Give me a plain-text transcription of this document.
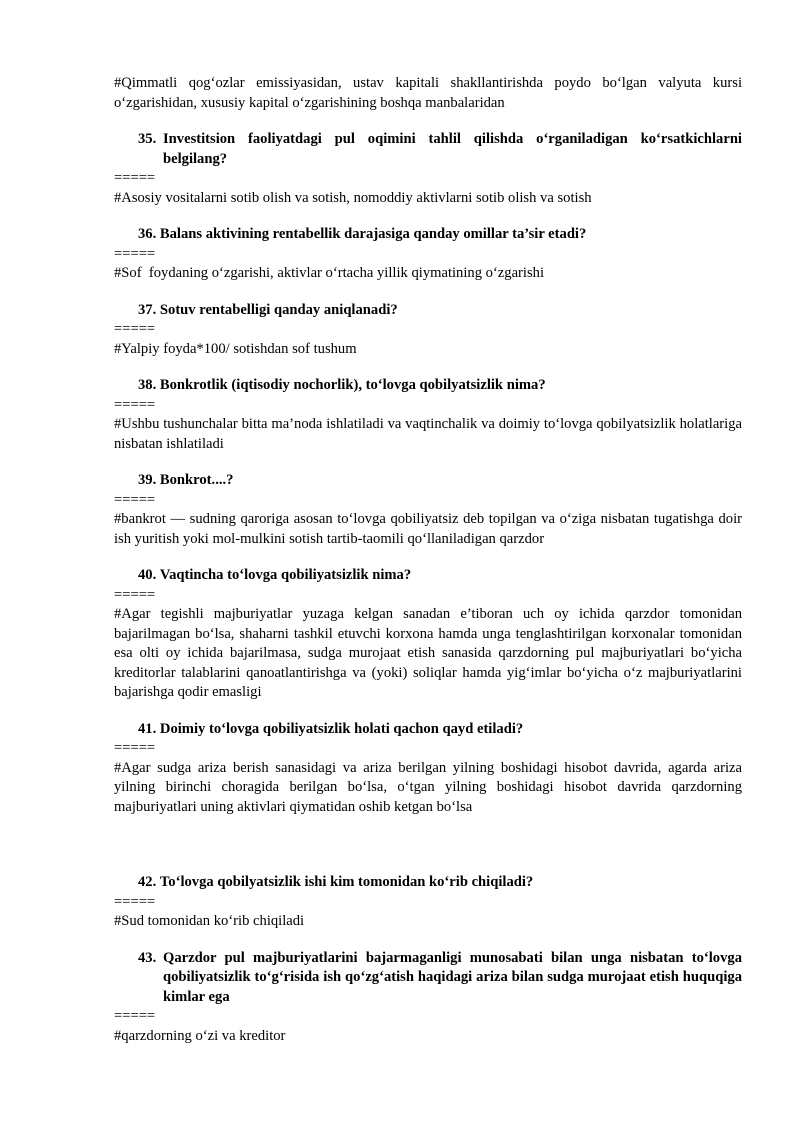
#Qimmatli qog‘ozlar emissiyasidan, ustav kapitali shakllantirishda poydo bo‘lgan valyuta kursi o‘zgarishidan, xususiy kapital o‘zgarishining boshqa manbalaridan

35. Investitsion faoliyatdagi pul oqimini tahlil qilishda o‘rganiladigan ko‘rsatkichlarni belgilang?

=====

#Asosiy vositalarni sotib olish va sotish, nomoddiy aktivlarni sotib olish va sotish

36.
Balans aktivining rentabellik darajasiga qanday omillar ta’sir etadi?

=====

#Sof  foydaning o‘zgarishi, aktivlar o‘rtacha yillik qiymatining o‘zgarishi

37.
Sotuv rentabelligi qanday aniqlanadi?

=====

#Yalpiy foyda*100/ sotishdan sof tushum

38.
Bonkrotlik (iqtisodiy nochorlik), to‘lovga qobilyatsizlik nima?

=====

#Ushbu tushunchalar bitta ma’noda ishlatiladi va vaqtinchalik va doimiy to‘lovga qobilyatsizlik holatlariga nisbatan ishlatiladi

39.
Bonkrot....?

=====

#bankrot — sudning qaroriga asosan to‘lovga qobiliyatsiz deb topilgan va o‘ziga nisbatan tugatishga doir ish yuritish yoki mol-mulkini sotish tartib-taomili qo‘llaniladigan qarzdor

40.
Vaqtincha to‘lovga qobiliyatsizlik nima?

=====

#Agar tegishli majburiyatlar yuzaga kelgan sanadan e’tiboran uch oy ichida qarzdor tomonidan bajarilmagan bo‘lsa, shaharni tashkil etuvchi korxona hamda unga tenglashtirilgan korxonalar tomonidan esa olti oy ichida bajarilmasa, sudga murojaat etish sanasida qarzdorning pul majburiyatlari bo‘yicha kreditorlar talablarini qanoatlantirishga va (yoki) soliqlar hamda yig‘imlar bo‘yicha o‘z majburiyatlarini bajarishga qodir emasligi

41.
Doimiy to‘lovga qobiliyatsizlik holati qachon qayd etiladi?

=====

#Agar sudga ariza berish sanasidagi va ariza berilgan yilning boshidagi hisobot davrida, agarda ariza yilning birinchi choragida berilgan bo‘lsa, o‘tgan yilning boshidagi hisobot davrida qarzdorning majburiyatlari uning aktivlari qiymatidan oshib ketgan bo‘lsa

42.
To‘lovga qobilyatsizlik ishi kim tomonidan ko‘rib chiqiladi?

=====

#Sud tomonidan ko‘rib chiqiladi

43. Qarzdor pul majburiyatlarini bajarmaganligi munosabati bilan unga nisbatan to‘lovga qobiliyatsizlik to‘g‘risida ish qo‘zg‘atish haqidagi ariza bilan sudga murojaat etish huquqiga kimlar ega

=====

#qarzdorning o‘zi va kreditor
